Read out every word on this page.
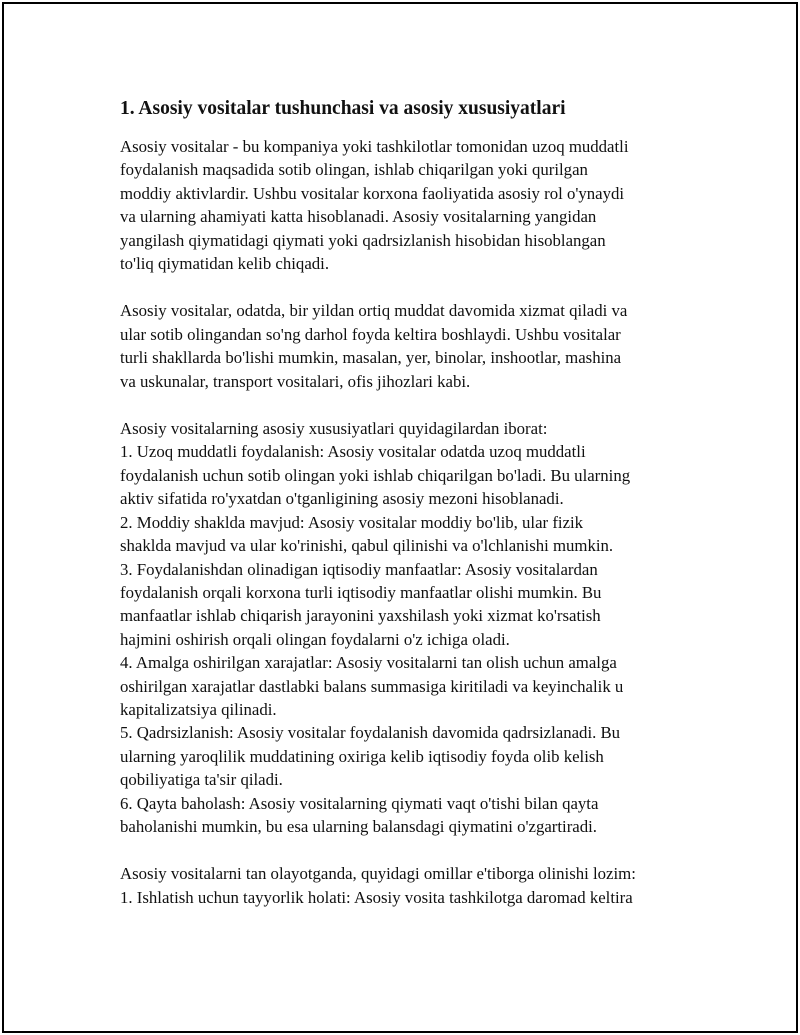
1. Asosiy vositalar tushunchasi va asosiy xususiyatlari
Asosiy vositalar - bu kompaniya yoki tashkilotlar tomonidan uzoq muddatli
foydalanish maqsadida sotib olingan, ishlab chiqarilgan yoki qurilgan
moddiy aktivlardir. Ushbu vositalar korxona faoliyatida asosiy rol o'ynaydi
va ularning ahamiyati katta hisoblanadi. Asosiy vositalarning yangidan
yangilash qiymatidagi qiymati yoki qadrsizlanish hisobidan hisoblangan
to'liq qiymatidan kelib chiqadi.
Asosiy vositalar, odatda, bir yildan ortiq muddat davomida xizmat qiladi va
ular sotib olingandan so'ng darhol foyda keltira boshlaydi. Ushbu vositalar
turli shakllarda bo'lishi mumkin, masalan, yer, binolar, inshootlar, mashina
va uskunalar, transport vositalari, ofis jihozlari kabi.
Asosiy vositalarning asosiy xususiyatlari quyidagilardan iborat:
1. Uzoq muddatli foydalanish: Asosiy vositalar odatda uzoq muddatli
foydalanish uchun sotib olingan yoki ishlab chiqarilgan bo'ladi. Bu ularning
aktiv sifatida ro'yxatdan o'tganligining asosiy mezoni hisoblanadi.
2. Moddiy shaklda mavjud: Asosiy vositalar moddiy bo'lib, ular fizik
shaklda mavjud va ular ko'rinishi, qabul qilinishi va o'lchlanishi mumkin.
3. Foydalanishdan olinadigan iqtisodiy manfaatlar: Asosiy vositalardan
foydalanish orqali korxona turli iqtisodiy manfaatlar olishi mumkin. Bu
manfaatlar ishlab chiqarish jarayonini yaxshilash yoki xizmat ko'rsatish
hajmini oshirish orqali olingan foydalarni o'z ichiga oladi.
4. Amalga oshirilgan xarajatlar: Asosiy vositalarni tan olish uchun amalga
oshirilgan xarajatlar dastlabki balans summasiga kiritiladi va keyinchalik u
kapitalizatsiya qilinadi.
5. Qadrsizlanish: Asosiy vositalar foydalanish davomida qadrsizlanadi. Bu
ularning yaroqlilik muddatining oxiriga kelib iqtisodiy foyda olib kelish
qobiliyatiga ta'sir qiladi.
6. Qayta baholash: Asosiy vositalarning qiymati vaqt o'tishi bilan qayta
baholanishi mumkin, bu esa ularning balansdagi qiymatini o'zgartiradi.
Asosiy vositalarni tan olayotganda, quyidagi omillar e'tiborga olinishi lozim:
1. Ishlatish uchun tayyorlik holati: Asosiy vosita tashkilotga daromad keltira
